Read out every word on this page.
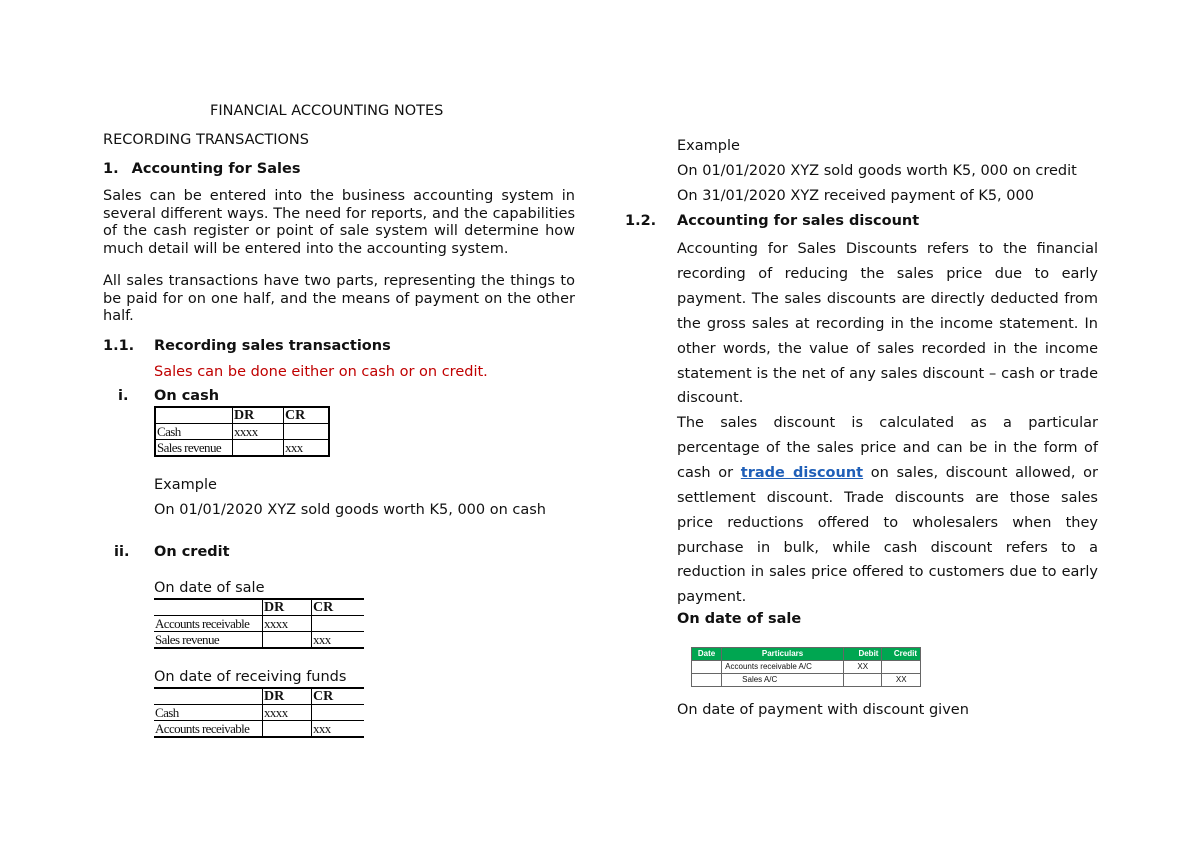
FINANCIAL ACCOUNTING NOTES
RECORDING TRANSACTIONS
1. Accounting for Sales
Sales can be entered into the business accounting system in several different ways. The need for reports, and the capabilities of the cash register or point of sale system will determine how much detail will be entered into the accounting system.
All sales transactions have two parts, representing the things to be paid for on one half, and the means of payment on the other half.
1.1. Recording sales transactions
Sales can be done either on cash or on credit.
i. On cash
	DR	CR
Cash	xxxx	
Sales revenue		xxx
Example
On 01/01/2020 XYZ sold goods worth K5, 000 on cash
ii. On credit
On date of sale
	DR	CR
Accounts receivable	xxxx	
Sales revenue		xxx
On date of receiving funds
	DR	CR
Cash	xxxx	
Accounts receivable		xxx
Example
On 01/01/2020 XYZ sold goods worth K5, 000 on credit
On 31/01/2020 XYZ received payment of K5, 000
1.2. Accounting for sales discount
Accounting for Sales Discounts refers to the financial recording of reducing the sales price due to early payment. The sales discounts are directly deducted from the gross sales at recording in the income statement. In other words, the value of sales recorded in the income statement is the net of any sales discount – cash or trade discount.
The sales discount is calculated as a particular percentage of the sales price and can be in the form of cash or trade discount on sales, discount allowed, or settlement discount. Trade discounts are those sales price reductions offered to wholesalers when they purchase in bulk, while cash discount refers to a reduction in sales price offered to customers due to early payment.
On date of sale
Date	Particulars	Debit	Credit
	Accounts receivable A/C	XX	
	Sales A/C		XX
On date of payment with discount given
